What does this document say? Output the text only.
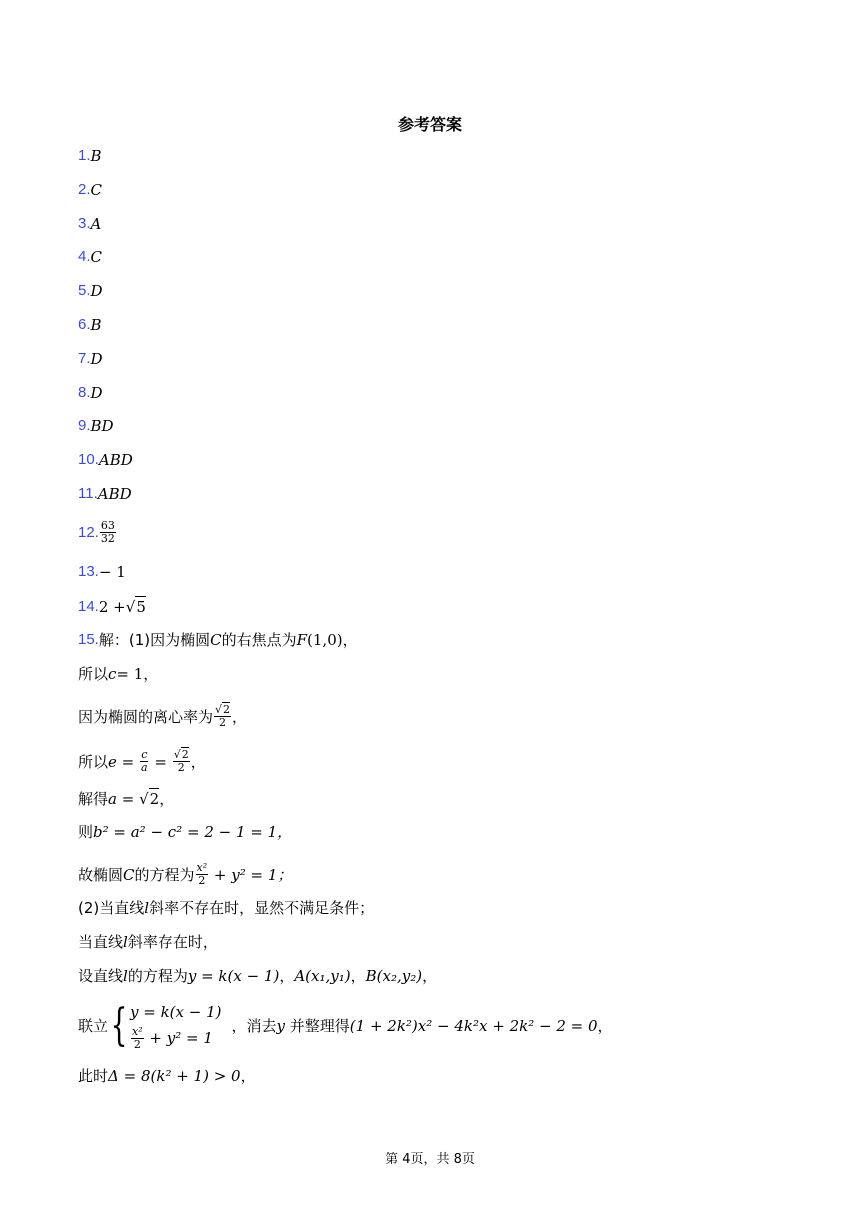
参考答案
1. B
2. C
3. A
4. C
5. D
6. B
7. D
8. D
9. BD
10. ABD
11. ABD
12. $\frac{63}{32}$
13. − 1
14. 2 + √ 5
15. 解：(1)因为椭圆 C 的右焦点为 F (1,0)，
所以 c = 1，
因为椭圆的离心率为 $\frac{√2}{2}$ ，
所以 $e = \frac{c}{a} = \frac{√2}{2}$ ，
解得 a = √ 2 ，
则 b² = a² − c² = 2 − 1 = 1，
故椭圆 C 的方程为 $\frac{\text{x²}}{2} + y^2 = 1$；
(2)当直线 l 斜率不存在时，显然不满足条件；
当直线 l 斜率存在时，
设直线 l 的方程为 y = k(x − 1) ， A(x₁,y₁) ， B(x₂,y₂) ，
联立 { y = k(x − 1)
$\frac{\text{x²}}{2} + y^2 = 1$
，消去 y 并整理得 (1 + 2k²)x² − 4k²x + 2k² − 2 = 0 ，
此时 Δ = 8(k² + 1) > 0 ，
第 4页，共 8页
